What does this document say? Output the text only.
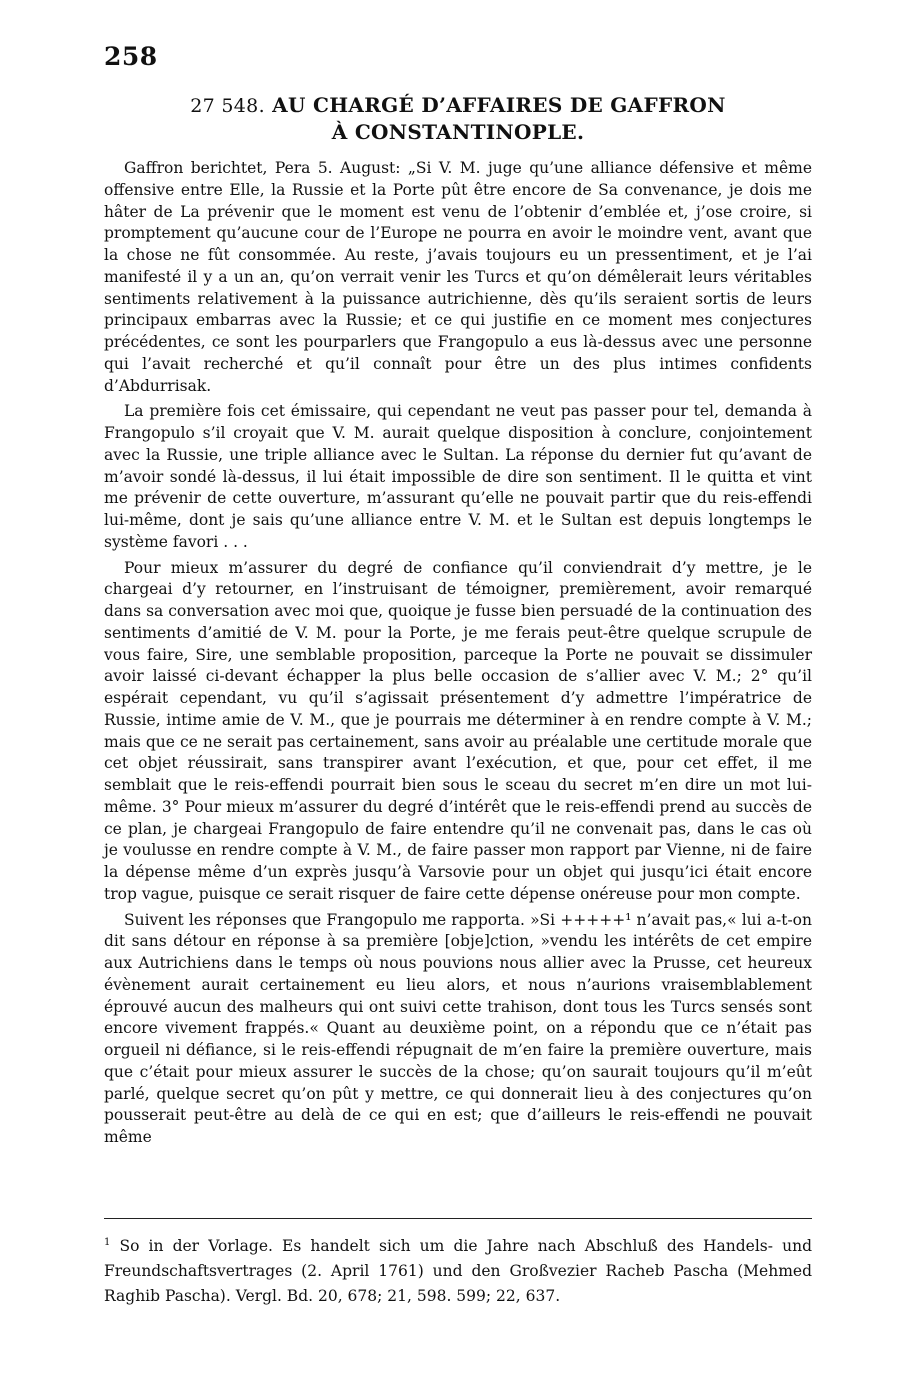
258
27 548. AU CHARGÉ D’AFFAIRES DE GAFFRON
À CONSTANTINOPLE.

Gaffron berichtet, Pera 5. August: „Si V. M. juge qu’une alliance défensive et même offensive entre Elle, la Russie et la Porte pût être encore de Sa convenance, je dois me hâter de La prévenir que le moment est venu de l’obtenir d’emblée et, j’ose croire, si promptement qu’aucune cour de l’Europe ne pourra en avoir le moindre vent, avant que la chose ne fût consommée. Au reste, j’avais toujours eu un pressentiment, et je l’ai manifesté il y a un an, qu’on verrait venir les Turcs et qu’on démêlerait leurs véritables sentiments relativement à la puissance autrichienne, dès qu’ils seraient sortis de leurs principaux embarras avec la Russie; et ce qui justifie en ce moment mes conjectures précédentes, ce sont les pourparlers que Frangopulo a eus là-dessus avec une personne qui l’avait recherché et qu’il connaît pour être un des plus intimes confidents d’Abdurrisak.

La première fois cet émissaire, qui cependant ne veut pas passer pour tel, demanda à Frangopulo s’il croyait que V. M. aurait quelque disposition à conclure, conjointement avec la Russie, une triple alliance avec le Sultan. La réponse du dernier fut qu’avant de m’avoir sondé là-dessus, il lui était impossible de dire son sentiment. Il le quitta et vint me prévenir de cette ouverture, m’assurant qu’elle ne pouvait partir que du reis-effendi lui-même, dont je sais qu’une alliance entre V. M. et le Sultan est depuis longtemps le système favori . . .

Pour mieux m’assurer du degré de confiance qu’il conviendrait d’y mettre, je le chargeai d’y retourner, en l’instruisant de témoigner, premièrement, avoir remarqué dans sa conversation avec moi que, quoique je fusse bien persuadé de la continuation des sentiments d’amitié de V. M. pour la Porte, je me ferais peut-être quelque scrupule de vous faire, Sire, une semblable proposition, parceque la Porte ne pouvait se dissimuler avoir laissé ci-devant échapper la plus belle occasion de s’allier avec V. M.; 2° qu’il espérait cependant, vu qu’il s’agissait présentement d’y admettre l’impératrice de Russie, intime amie de V. M., que je pourrais me déterminer à en rendre compte à V. M.; mais que ce ne serait pas certainement, sans avoir au préalable une certitude morale que cet objet réussirait, sans transpirer avant l’exécution, et que, pour cet effet, il me semblait que le reis-effendi pourrait bien sous le sceau du secret m’en dire un mot lui-même. 3° Pour mieux m’assurer du degré d’intérêt que le reis-effendi prend au succès de ce plan, je chargeai Frangopulo de faire entendre qu’il ne convenait pas, dans le cas où je voulusse en rendre compte à V. M., de faire passer mon rapport par Vienne, ni de faire la dépense même d’un exprès jusqu’à Varsovie pour un objet qui jusqu’ici était encore trop vague, puisque ce serait risquer de faire cette dépense onéreuse pour mon compte.

Suivent les réponses que Frangopulo me rapporta. »Si +++++¹ n’avait pas,« lui a-t-on dit sans détour en réponse à sa première [obje]ction, »vendu les intérêts de cet empire aux Autrichiens dans le temps où nous pouvions nous allier avec la Prusse, cet heureux évènement aurait certainement eu lieu alors, et nous n’aurions vraisemblablement éprouvé aucun des malheurs qui ont suivi cette trahison, dont tous les Turcs sensés sont encore vivement frappés.« Quant au deuxième point, on a répondu que ce n’était pas orgueil ni défiance, si le reis-effendi répugnait de m’en faire la première ouverture, mais que c’était pour mieux assurer le succès de la chose; qu’on saurait toujours qu’il m’eût parlé, quelque secret qu’on pût y mettre, ce qui donnerait lieu à des conjectures qu’on pousserait peut-être au delà de ce qui en est; que d’ailleurs le reis-effendi ne pouvait même

$^1$ So in der Vorlage. Es handelt sich um die Jahre nach Abschluß des Handels- und Freundschaftsvertrages (2. April 1761) und den Großvezier Racheb Pascha (Mehmed Raghib Pascha). Vergl. Bd. 20, 678; 21, 598. 599; 22, 637.
